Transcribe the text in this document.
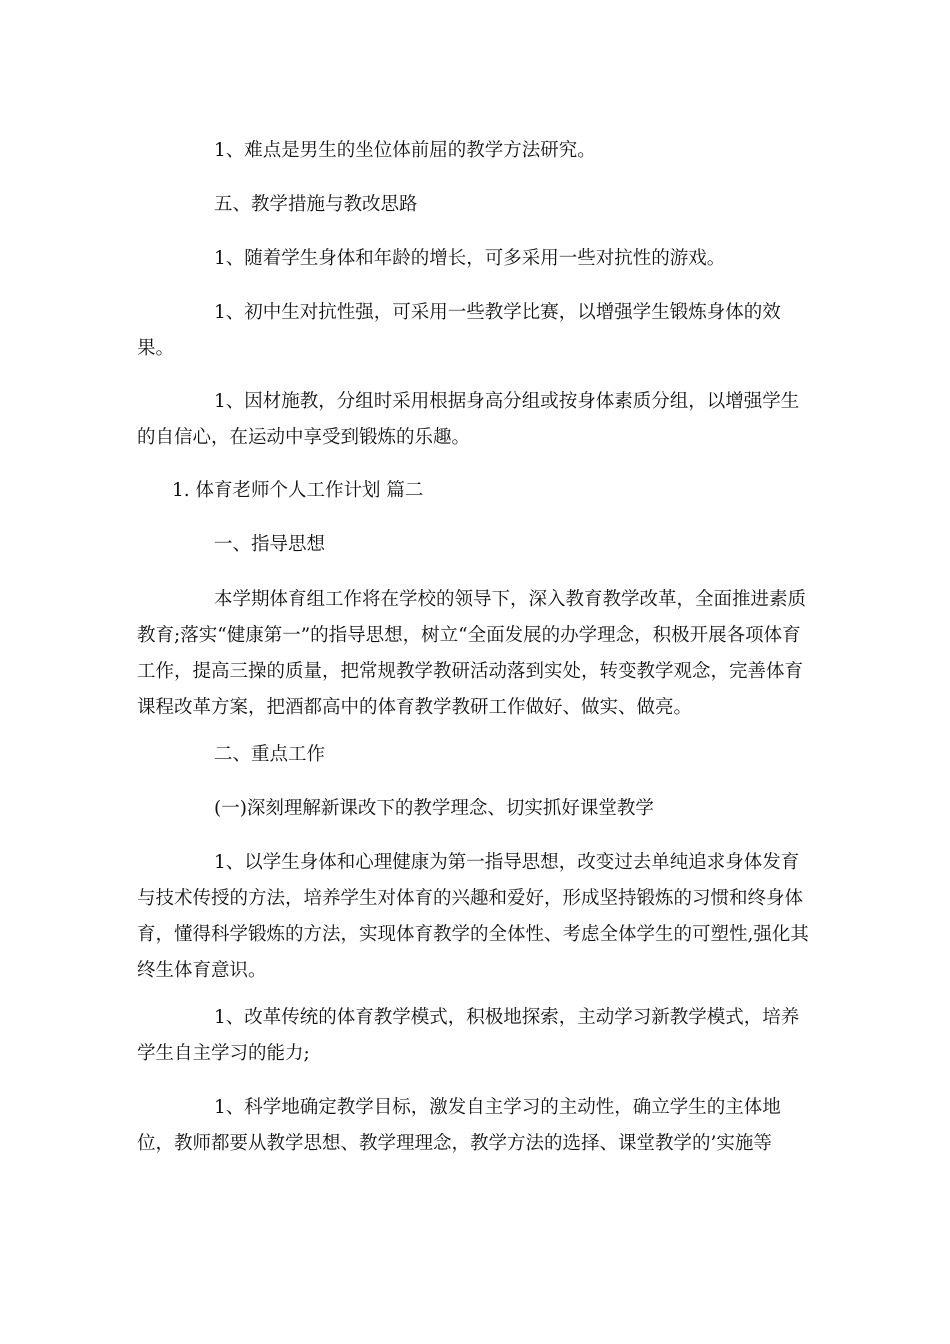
1、难点是男生的坐位体前屈的教学方法研究。

五、教学措施与教改思路

1、随着学生身体和年龄的增长，可多采用一些对抗性的游戏。

1、初中生对抗性强，可采用一些教学比赛，以增强学生锻炼身体的效果。

1、因材施教，分组时采用根据身高分组或按身体素质分组，以增强学生的自信心，在运动中享受到锻炼的乐趣。

1. 体育老师个人工作计划 篇二

一、指导思想

本学期体育组工作将在学校的领导下，深入教育教学改革，全面推进素质教育;落实“健康第一”的指导思想，树立“全面发展的办学理念，积极开展各项体育工作，提高三操的质量，把常规教学教研活动落到实处，转变教学观念，完善体育课程改革方案，把酒都高中的体育教学教研工作做好、做实、做亮。

二、重点工作

(一)深刻理解新课改下的教学理念、切实抓好课堂教学

1、以学生身体和心理健康为第一指导思想，改变过去单纯追求身体发育与技术传授的方法，培养学生对体育的兴趣和爱好，形成坚持锻炼的习惯和终身体育，懂得科学锻炼的方法，实现体育教学的全体性、考虑全体学生的可塑性,强化其终生体育意识。

1、改革传统的体育教学模式，积极地探索，主动学习新教学模式，培养学生自主学习的能力;

1、科学地确定教学目标，激发自主学习的主动性，确立学生的主体地位，教师都要从教学思想、教学理理念，教学方法的选择、课堂教学的’实施等
